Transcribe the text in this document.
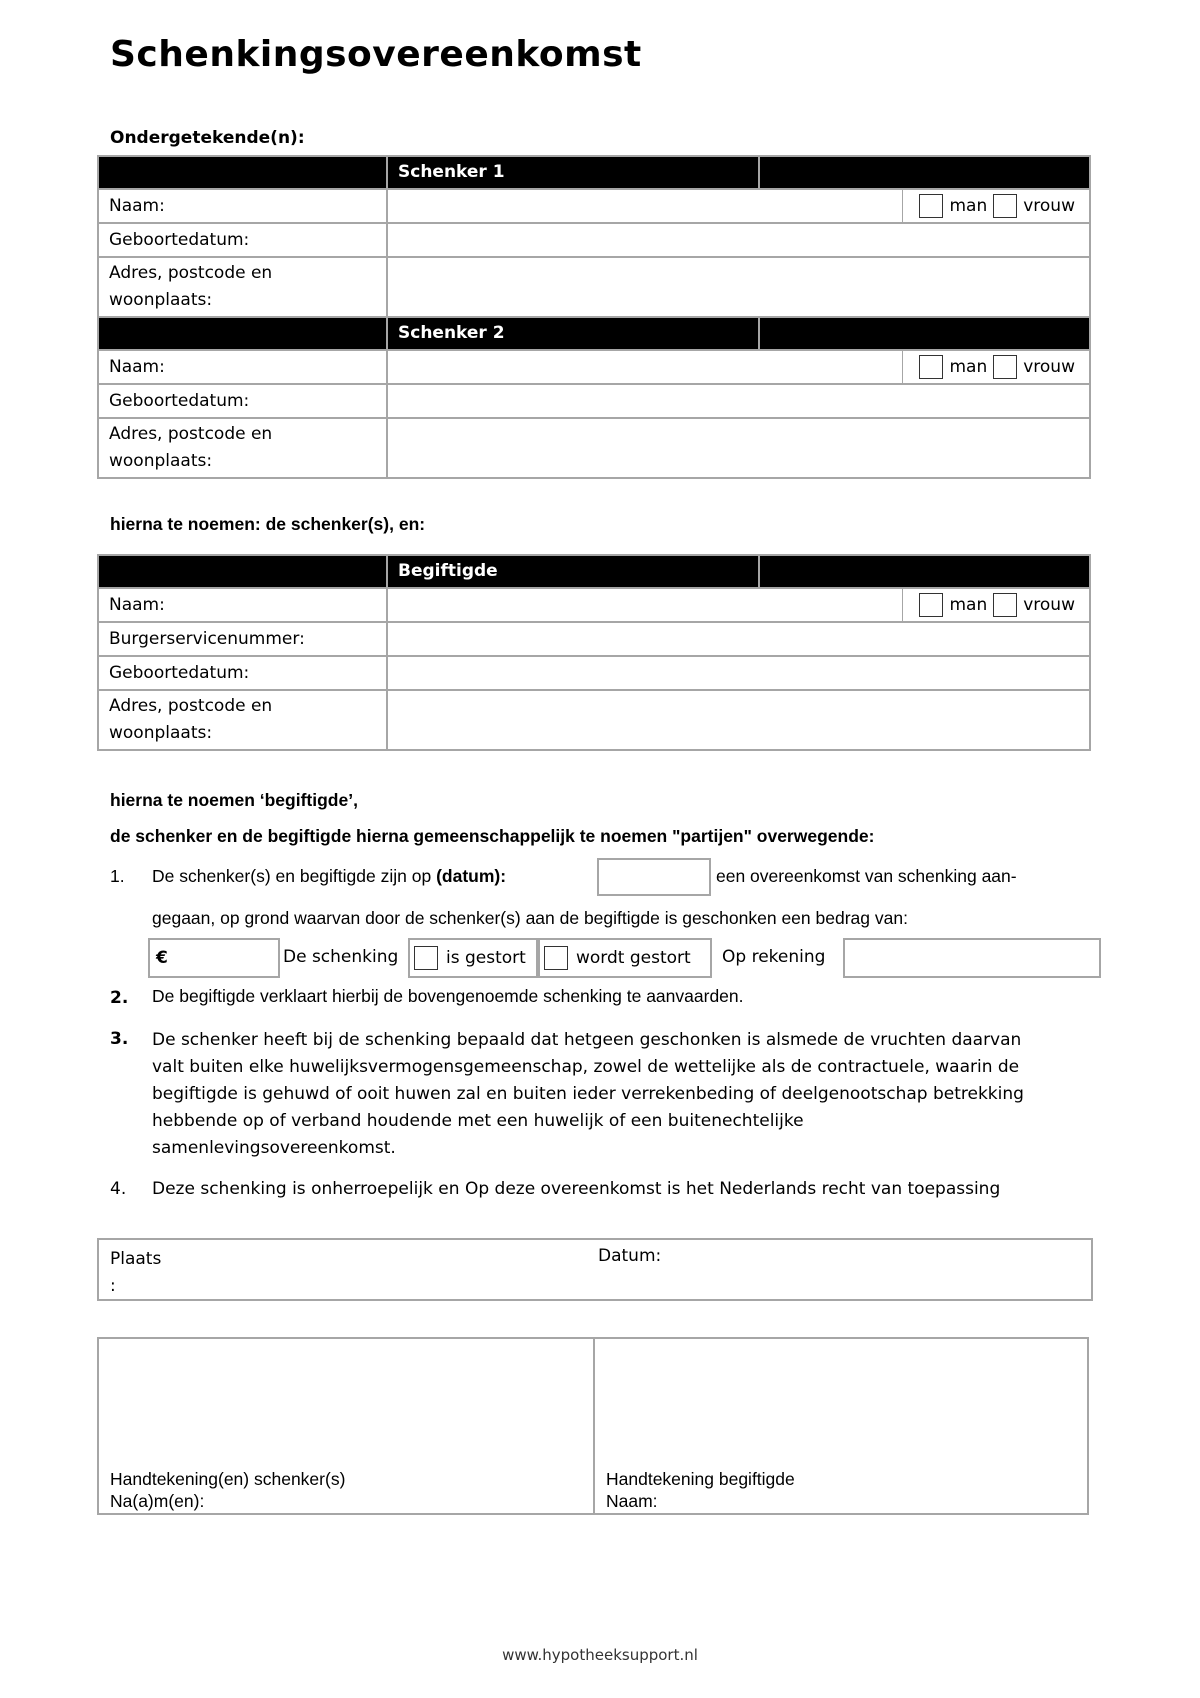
Schenkingsovereenkomst
Ondergetekende(n):
	Schenker 1	
Naam:	man vrouw	

Geboortedatum:		
Adres, postcode en woonplaats:		
	Schenker 2	
Naam:	man vrouw	

Geboortedatum:		
Adres, postcode en woonplaats:		
hierna te noemen: de schenker(s), en:
	Begiftigde	
Naam:	man vrouw	

Burgerservicenummer:		
Geboortedatum:		
Adres, postcode en woonplaats:		
hierna te noemen ‘begiftigde’,
de schenker en de begiftigde hierna gemeenschappelijk te noemen "partijen" overwegende:
1. De schenker(s) en begiftigde zijn op (datum):	een overeenkomst van schenking aan-
gegaan, op grond waarvan door de schenker(s) aan de begiftigde is geschonken een bedrag van:
€	De schenking	is gestort	wordt gestort Op rekening
2. De begiftigde verklaart hierbij de bovengenoemde schenking te aanvaarden.
3. De schenker heeft bij de schenking bepaald dat hetgeen geschonken is alsmede de vruchten daarvan
valt buiten elke huwelijksvermogensgemeenschap, zowel de wettelijke als de contractuele, waarin de
begiftigde is gehuwd of ooit huwen zal en buiten ieder verrekenbeding of deelgenootschap betrekking
hebbende op of verband houdende met een huwelijk of een buitenechtelijke
samenlevingsovereenkomst.
4. Deze schenking is onherroepelijk en Op deze overeenkomst is het Nederlands recht van toepassing
Plaats
:
Datum:
Handtekening(en) schenker(s)
Na(a)m(en):
Handtekening begiftigde
Naam:
www.hypotheeksupport.nl
